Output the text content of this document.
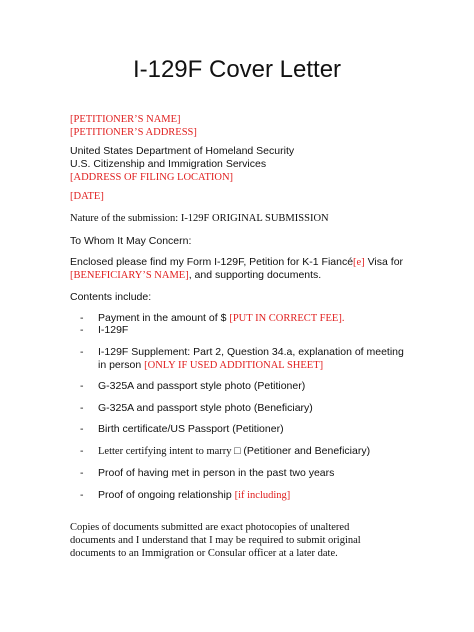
I-129F Cover Letter
[PETITIONER’S NAME]
[PETITIONER’S ADDRESS]
United States Department of Homeland Security
U.S. Citizenship and Immigration Services
[ADDRESS OF FILING LOCATION]
[DATE]
Nature of the submission: I-129F ORIGINAL SUBMISSION
To Whom It May Concern:
Enclosed please find my Form I-129F, Petition for K-1 Fiancé[e] Visa for
[BENEFICIARY’S NAME], and supporting documents.
Contents include:
- Payment in the amount of $ [PUT IN CORRECT FEE].
- I-129F
- I-129F Supplement: Part 2, Question 34.a, explanation of meeting in person [ONLY IF USED ADDITIONAL SHEET]
- G-325A and passport style photo (Petitioner)
- G-325A and passport style photo (Beneficiary)
- Birth certificate/US Passport (Petitioner)
- Letter certifying intent to marry □ (Petitioner and Beneficiary)
- Proof of having met in person in the past two years
- Proof of ongoing relationship [if including]
Copies of documents submitted are exact photocopies of unaltered documents and I understand that I may be required to submit original documents to an Immigration or Consular officer at a later date.
